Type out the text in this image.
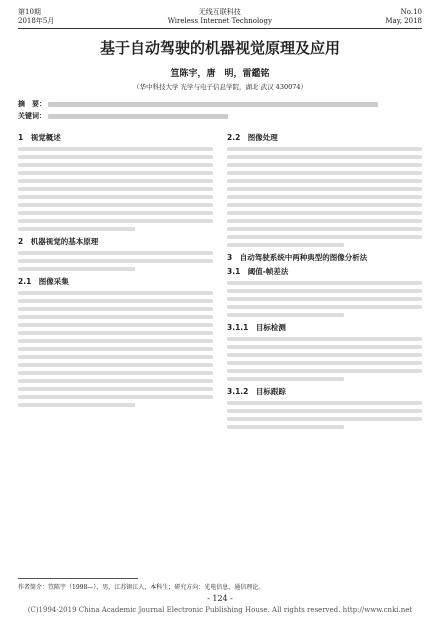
第10期
2018年5月
无线互联科技
Wireless Internet Technology
No.10
May, 2018
基于自动驾驶的机器视觉原理及应用
笪陈宇，唐　明，雷鑑铭
（华中科技大学 光学与电子信息学院，湖北 武汉 430074）
摘　要：
关键词：
1　视觉概述
2　机器视觉的基本原理
2.1　图像采集
2.2　图像处理
3　自动驾驶系统中两种典型的图像分析法
3.1　阈值-帧差法
3.1.1　目标检测
3.1.2　目标跟踪
作者简介：笪陈宇（1998—），男，江苏镇江人，本科生；研究方向：光电信息、通信理论。
- 124 -
(C)1994-2019 China Academic Journal Electronic Publishing House. All rights reserved. http://www.cnki.net
